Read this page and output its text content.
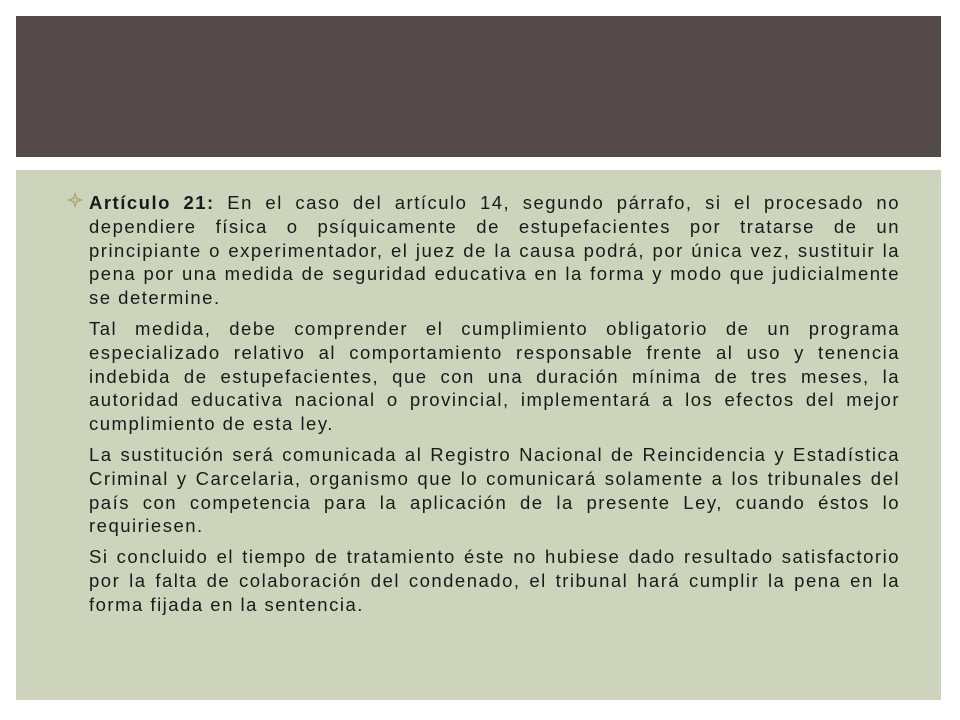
Artículo 21: En el caso del artículo 14, segundo párrafo, si el procesado no dependiere física o psíquicamente de estupefacientes por tratarse de un principiante o experimentador, el juez de la causa podrá, por única vez, sustituir la pena por una medida de seguridad educativa en la forma y modo que judicialmente se determine.

Tal medida, debe comprender el cumplimiento obligatorio de un programa especializado relativo al comportamiento responsable frente al uso y tenencia indebida de estupefacientes, que con una duración mínima de tres meses, la autoridad educativa nacional o provincial, implementará a los efectos del mejor cumplimiento de esta ley.

La sustitución será comunicada al Registro Nacional de Reincidencia y Estadística Criminal y Carcelaria, organismo que lo comunicará solamente a los tribunales del país con competencia para la aplicación de la presente Ley, cuando éstos lo requiriesen.

Si concluido el tiempo de tratamiento éste no hubiese dado resultado satisfactorio por la falta de colaboración del condenado, el tribunal hará cumplir la pena en la forma fijada en la sentencia.
